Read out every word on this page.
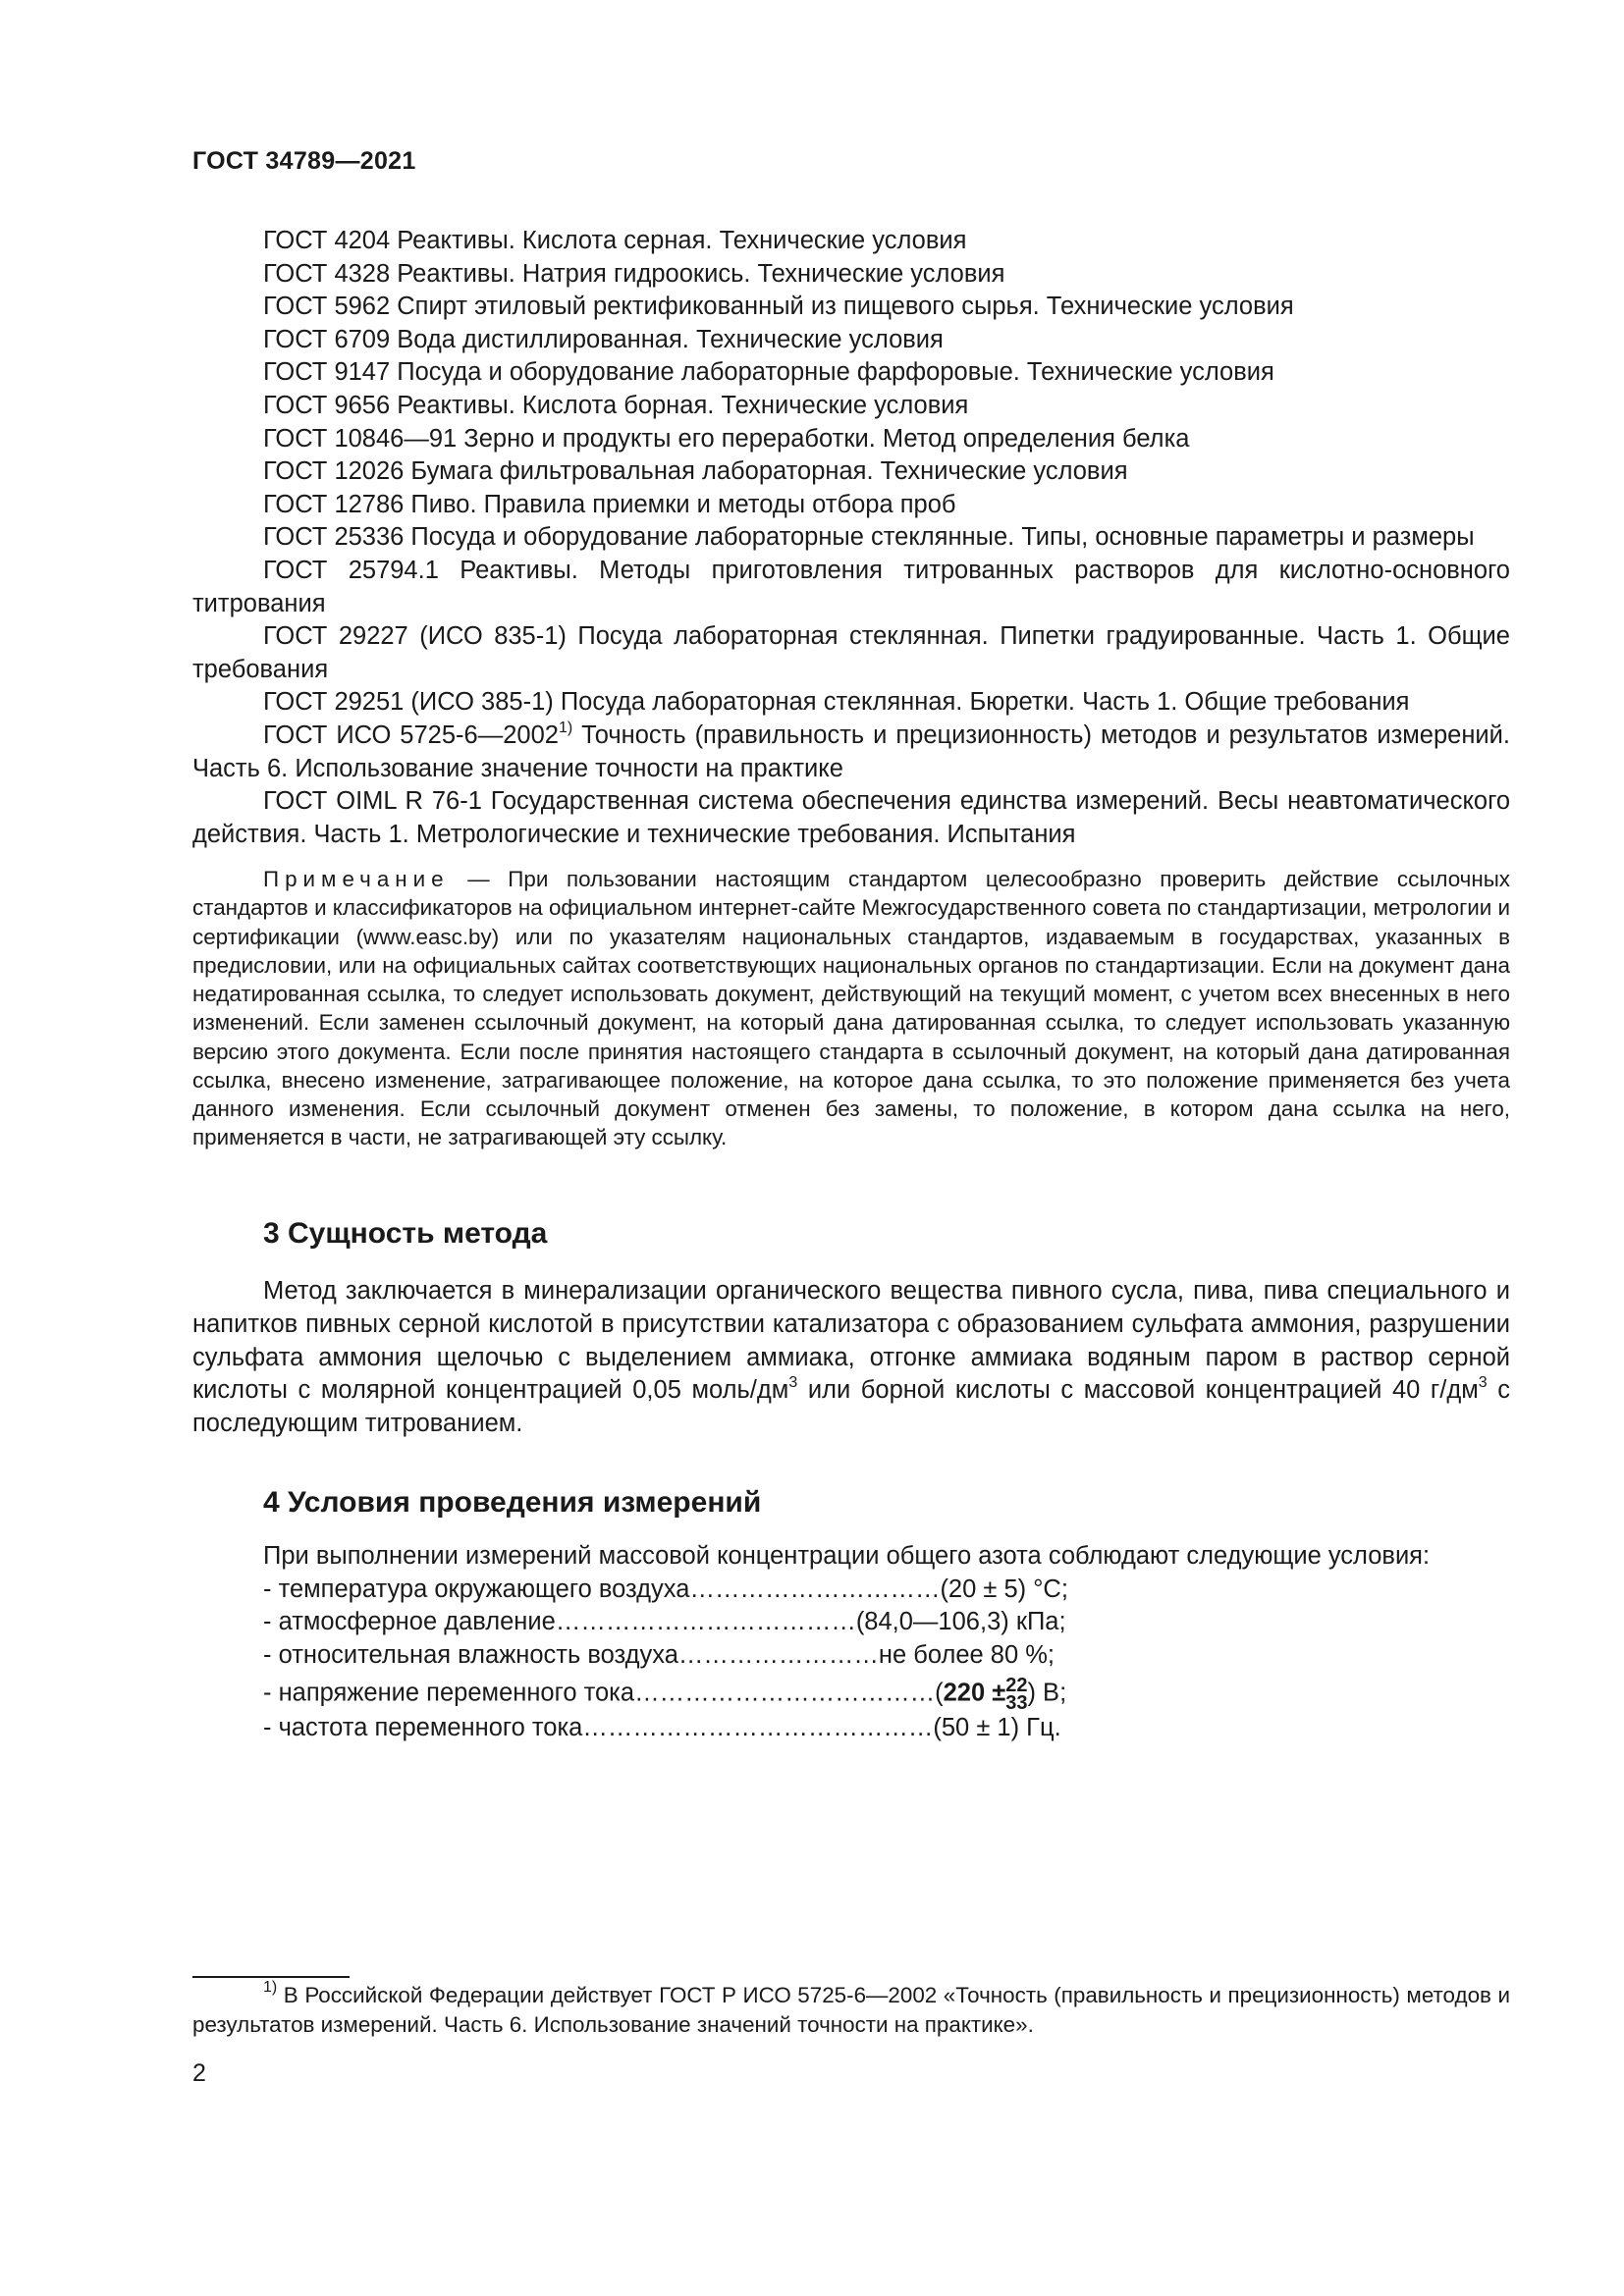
ГОСТ 34789—2021

ГОСТ 4204 Реактивы. Кислота серная. Технические условия

ГОСТ 4328 Реактивы. Натрия гидроокись. Технические условия

ГОСТ 5962 Спирт этиловый ректификованный из пищевого сырья. Технические условия

ГОСТ 6709 Вода дистиллированная. Технические условия

ГОСТ 9147 Посуда и оборудование лабораторные фарфоровые. Технические условия

ГОСТ 9656 Реактивы. Кислота борная. Технические условия

ГОСТ 10846—91 Зерно и продукты его переработки. Метод определения белка

ГОСТ 12026 Бумага фильтровальная лабораторная. Технические условия

ГОСТ 12786 Пиво. Правила приемки и методы отбора проб

ГОСТ 25336 Посуда и оборудование лабораторные стеклянные. Типы, основные параметры и размеры

ГОСТ 25794.1 Реактивы. Методы приготовления титрованных растворов для кислотно-основного титрования

ГОСТ 29227 (ИСО 835-1) Посуда лабораторная стеклянная. Пипетки градуированные. Часть 1. Общие требования

ГОСТ 29251 (ИСО 385-1) Посуда лабораторная стеклянная. Бюретки. Часть 1. Общие требования

ГОСТ ИСО 5725-6—2002$^{1)}$ Точность (правильность и прецизионность) методов и результатов измерений. Часть 6. Использование значение точности на практике

ГОСТ OIML R 76-1 Государственная система обеспечения единства измерений. Весы неавтоматического действия. Часть 1. Метрологические и технические требования. Испытания

Примечание — При пользовании настоящим стандартом целесообразно проверить действие ссылочных стандартов и классификаторов на официальном интернет-сайте Межгосударственного совета по стандартизации, метрологии и сертификации (www.easc.by) или по указателям национальных стандартов, издаваемым в государствах, указанных в предисловии, или на официальных сайтах соответствующих национальных органов по стандартизации. Если на документ дана недатированная ссылка, то следует использовать документ, действующий на текущий момент, с учетом всех внесенных в него изменений. Если заменен ссылочный документ, на который дана датированная ссылка, то следует использовать указанную версию этого документа. Если после принятия настоящего стандарта в ссылочный документ, на который дана датированная ссылка, внесено изменение, затрагивающее положение, на которое дана ссылка, то это положение применяется без учета данного изменения. Если ссылочный документ отменен без замены, то положение, в котором дана ссылка на него, применяется в части, не затрагивающей эту ссылку.
3 Сущность метода

Метод заключается в минерализации органического вещества пивного сусла, пива, пива специального и напитков пивных серной кислотой в присутствии катализатора с образованием сульфата аммония, разрушении сульфата аммония щелочью с выделением аммиака, отгонке аммиака водяным паром в раствор серной кислоты с молярной концентрацией 0,05 моль/$дм^3$ или борной кислоты с массовой концентрацией 40 $г/дм^3$ с последующим титрованием.

4 Условия проведения измерений

При выполнении измерений массовой концентрации общего азота соблюдают следующие условия:

- температура окружающего воздуха…………………………(20 ± 5) °С;

- атмосферное давление………………………………(84,0—106,3) кПа;

- относительная влажность воздуха……………………не более 80 %;

- напряжение переменного тока………………………………(220 ± 22
33 ) В;

- частота переменного тока……………………………………(50 ± 1) Гц.

$^{1)}$ В Российской Федерации действует ГОСТ Р ИСО 5725-6—2002 «Точность (правильность и прецизионность) методов и результатов измерений. Часть 6. Использование значений точности на практике».
2
